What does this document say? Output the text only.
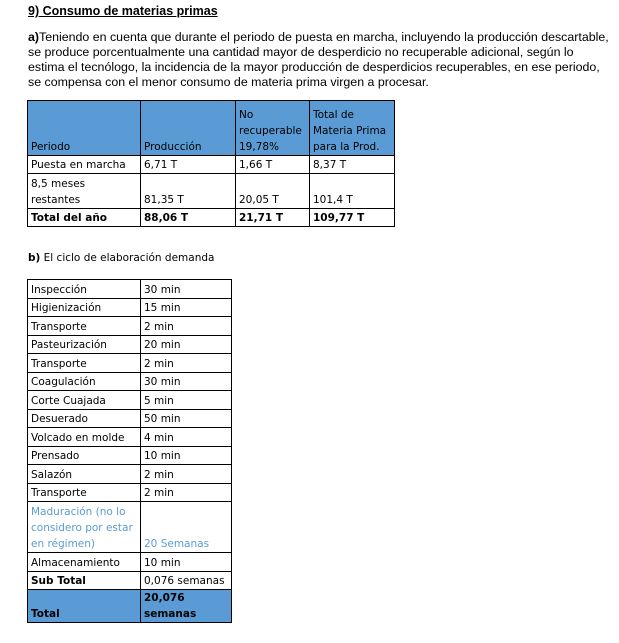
9) Consumo de materias primas
a)Teniendo en cuenta que durante el periodo de puesta en marcha, incluyendo la producción descartable, se produce porcentualmente una cantidad mayor de desperdicio no recuperable adicional, según lo estima el tecnólogo, la incidencia de la mayor producción de desperdicios recuperables, en ese periodo, se compensa con el menor consumo de materia prima virgen a procesar.
Periodo	Producción	No recuperable 19,78%	Total de Materia Prima para la Prod.
Puesta en marcha	6,71 T	1,66 T	8,37 T
8,5 meses restantes	81,35 T	20,05 T	101,4 T
Total del año	88,06 T	21,71 T	109,77 T
b) El ciclo de elaboración demanda
Inspección	30 min
Higienización	15 min
Transporte	2 min
Pasteurización	20 min
Transporte	2 min
Coagulación	30 min
Corte Cuajada	5 min
Desuerado	50 min
Volcado en molde	4 min
Prensado	10 min
Salazón	2 min
Transporte	2 min
Maduración (no lo considero por estar en régimen)	20 Semanas
Almacenamiento	10 min
Sub Total	0,076 semanas
Total	20,076 semanas
